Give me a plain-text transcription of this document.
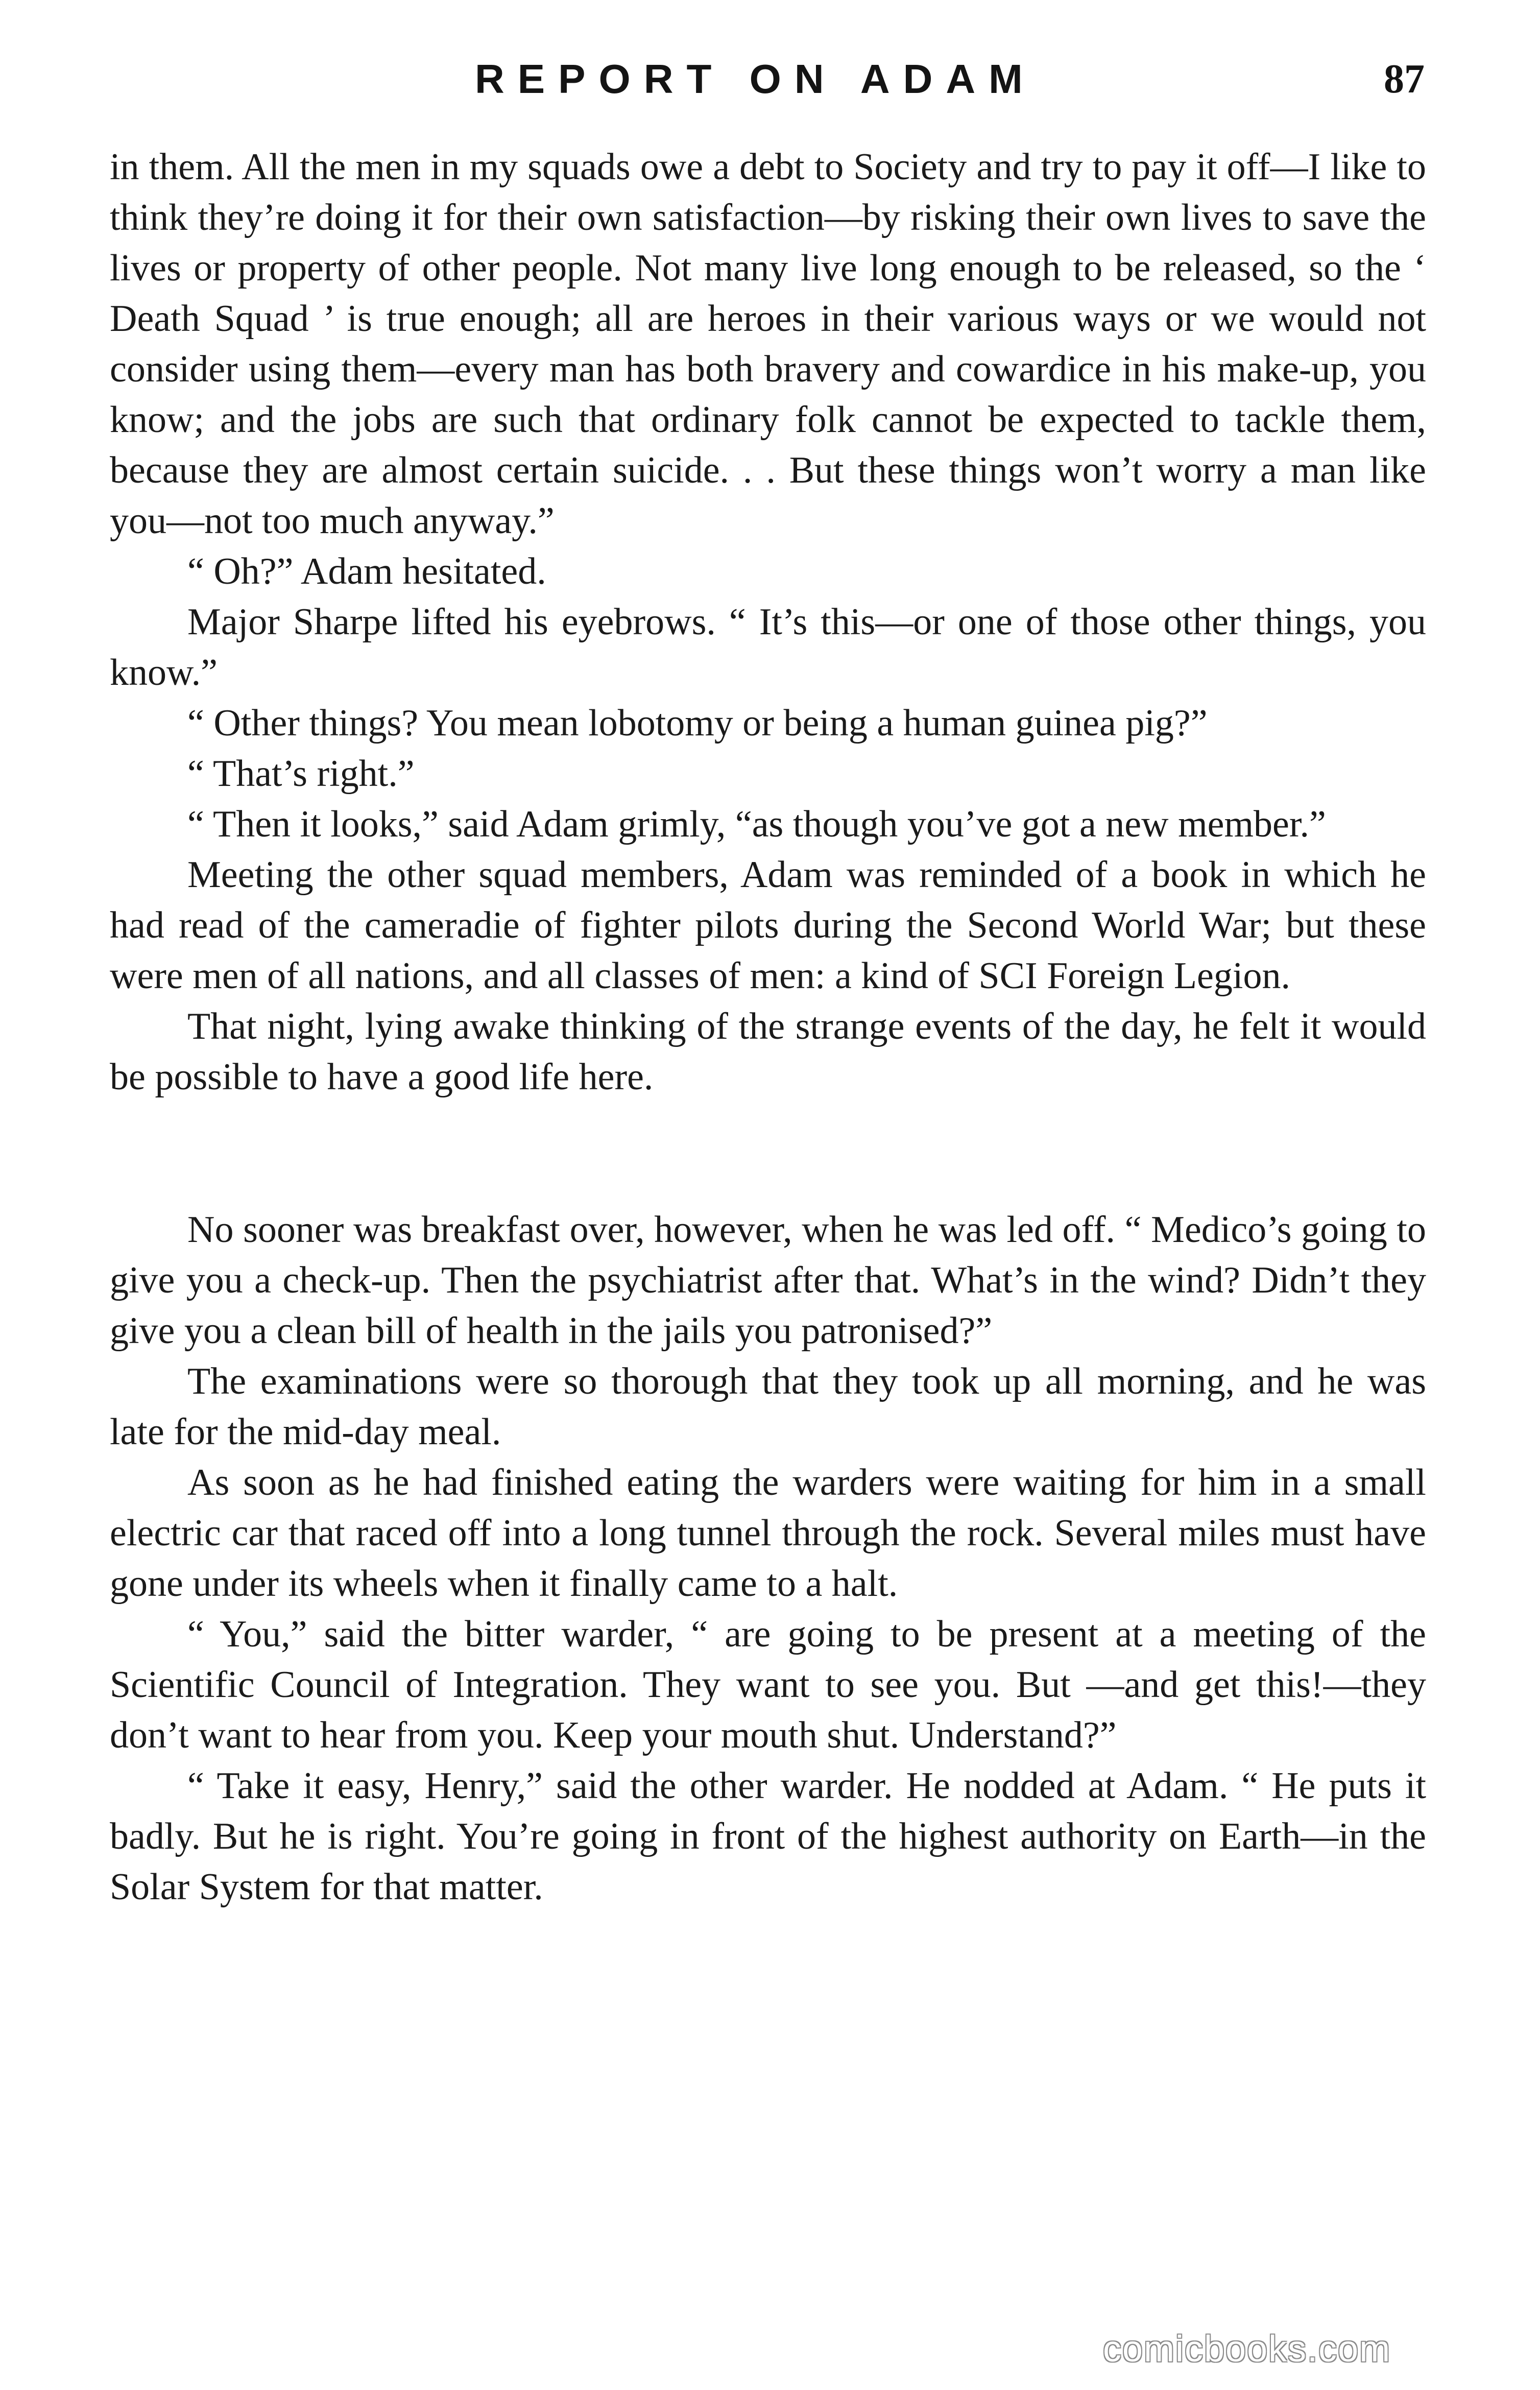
REPORT ON ADAM	87

in them. All the men in my squads owe a debt to Society and try to pay it off—I like to think they’re doing it for their own satisfaction—by risking their own lives to save the lives or property of other people. Not many live long enough to be released, so the ‘ Death Squad ’ is true enough; all are heroes in their various ways or we would not consider using them—every man has both bravery and cowardice in his make-up, you know; and the jobs are such that ordinary folk cannot be expected to tackle them, because they are almost certain suicide. . . But these things won’t worry a man like you—not too much anyway.”

“ Oh?” Adam hesitated.

Major Sharpe lifted his eyebrows. “ It’s this—or one of those other things, you know.”

“ Other things? You mean lobotomy or being a human guinea pig?”

“ That’s right.”

“ Then it looks,” said Adam grimly, “as though you’ve got a new member.”

Meeting the other squad members, Adam was reminded of a book in which he had read of the cameradie of fighter pilots during the Second World War; but these were men of all nations, and all classes of men: a kind of SCI Foreign Legion.

That night, lying awake thinking of the strange events of the day, he felt it would be possible to have a good life here.

No sooner was breakfast over, however, when he was led off. “ Medico’s going to give you a check-up. Then the psychiatrist after that. What’s in the wind? Didn’t they give you a clean bill of health in the jails you patronised?”

The examinations were so thorough that they took up all morning, and he was late for the mid-day meal.

As soon as he had finished eating the warders were waiting for him in a small electric car that raced off into a long tunnel through the rock. Several miles must have gone under its wheels when it finally came to a halt.

“ You,” said the bitter warder, “ are going to be present at a meeting of the Scientific Council of Integration. They want to see you. But —and get this!—they don’t want to hear from you. Keep your mouth shut. Understand?”

“ Take it easy, Henry,” said the other warder. He nodded at Adam. “ He puts it badly. But he is right. You’re going in front of the highest authority on Earth—in the Solar System for that matter.

comicbooks.com
